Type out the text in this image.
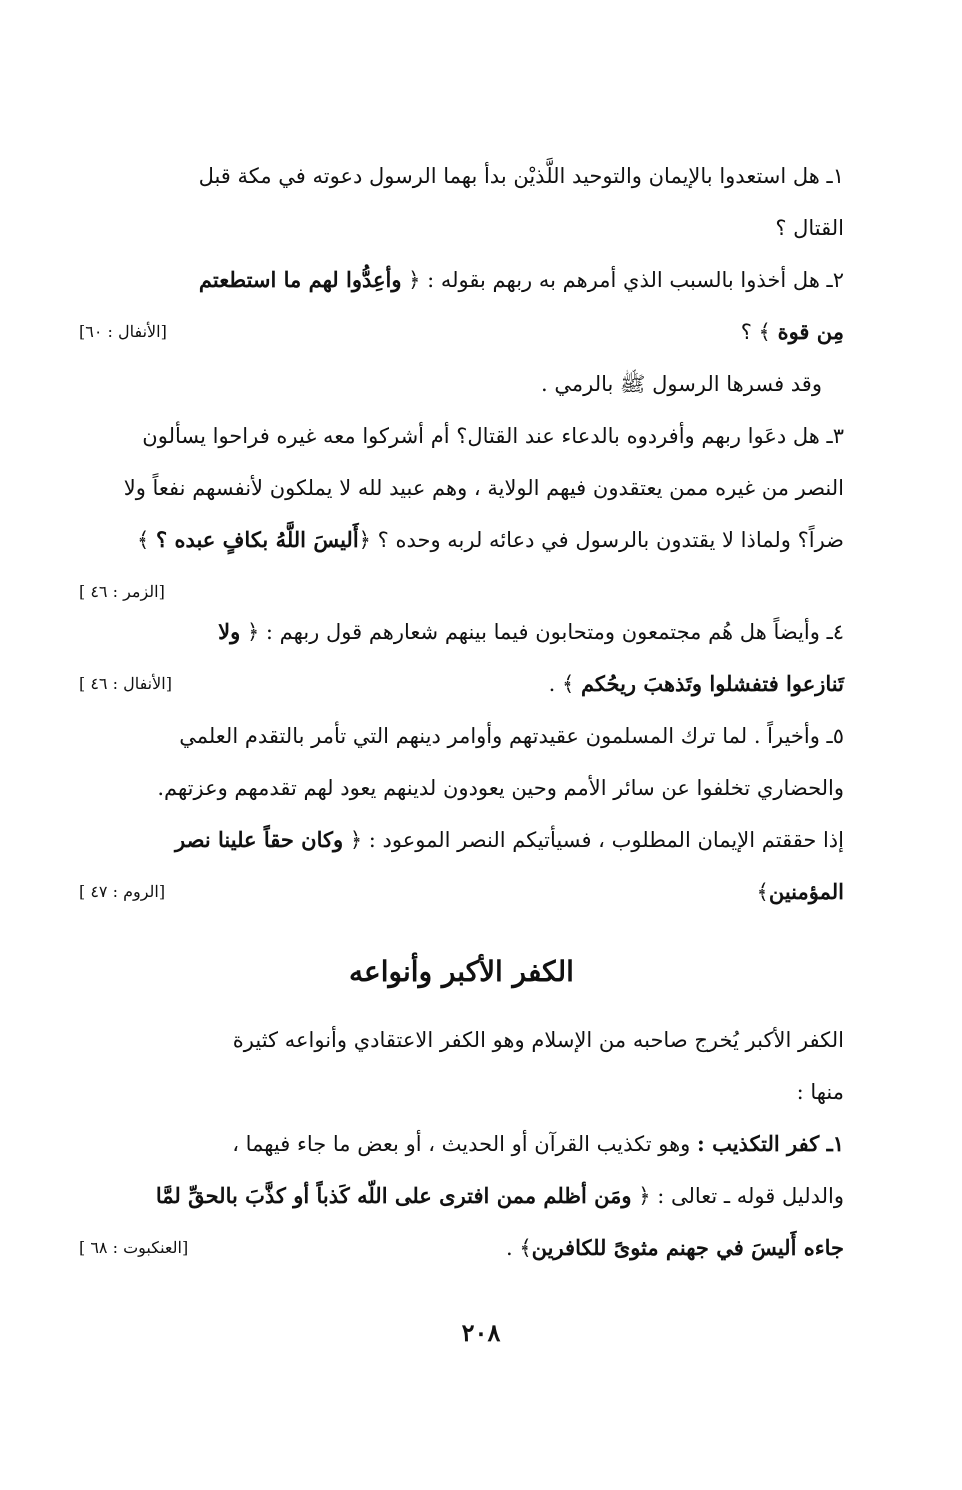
١ـ هل استعدوا بالإيمان والتوحيد اللَّذيْن بدأ بهما الرسول دعوته في مكة قبل
القتال ؟

٢ـ هل أخذوا بالسبب الذي أمرهم به ربهم بقوله : ﴿ وأعِدُّوا لهم ما استطعتم
مِن قوة ﴾ ؟
[الأنفال : ٦٠]
وقد فسرها الرسول ﷺ بالرمي .

٣ـ هل دعَوا ربهم وأفردوه بالدعاء عند القتال؟ أم أشركوا معه غيره فراحوا يسألون
النصر من غيره ممن يعتقدون فيهم الولاية ، وهم عبيد لله لا يملكون لأنفسهم نفعاً ولا
ضراً؟ ولماذا لا يقتدون بالرسول في دعائه لربه وحده ؟ ﴿أَليسَ اللَّهُ بكافٍ عبده ؟ ﴾
[الزمر : ٤٦ ]

٤ـ وأيضاً هل هُم مجتمعون ومتحابون فيما بينهم شعارهم قول ربهم : ﴿ ولا
تَنازعوا فتفشلوا وتَذهبَ ريحُكم ﴾ .
[الأنفال : ٤٦ ]

٥ـ وأخيراً . لما ترك المسلمون عقيدتهم وأوامر دينهم التي تأمر بالتقدم العلمي
والحضاري تخلفوا عن سائر الأمم وحين يعودون لدينهم يعود لهم تقدمهم وعزتهم.

إذا حققتم الإيمان المطلوب ، فسيأتيكم النصر الموعود : ﴿ وكان حقاً علينا نصر
المؤمنين﴾
[الروم : ٤٧ ]

الكفر الأكبر وأنواعه

الكفر الأكبر يُخرج صاحبه من الإسلام وهو الكفر الاعتقادي وأنواعه كثيرة
منها :

١ـ كفر التكذيب : وهو تكذيب القرآن أو الحديث ، أو بعض ما جاء فيهما ،
والدليل قوله ـ تعالى : ﴿ ومَن أظلم ممن افترى على اللّه كَذباً أو كذَّبَ بالحقِّ لمَّا
جاءه أَليسَ في جهنم مثوىً للكافرين﴾ .
[العنكبوت : ٦٨ ]

٢٠٨
